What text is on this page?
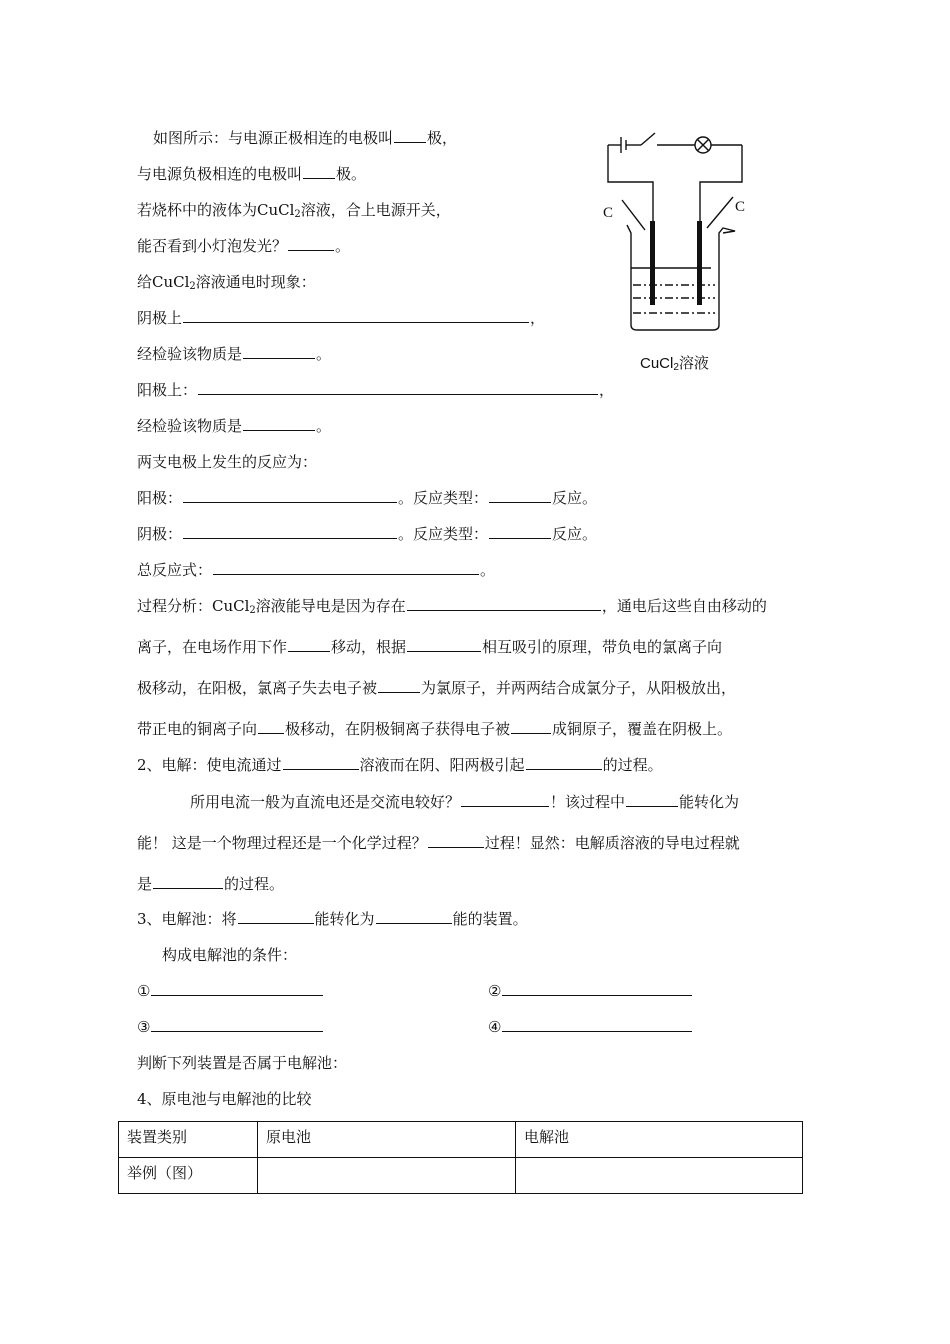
C	C
CuCl$_2$溶液
如图所示：与电源正极相连的电极叫 极，
与电源负极相连的电极叫 极。
若烧杯中的液体为CuCl$_2$溶液，合上电源开关，
能否看到小灯泡发光？	。
给CuCl$_2$溶液通电时现象：
阴极上	，
经检验该物质是	。
阳极上：	，
经检验该物质是	。
两支电极上发生的反应为：
阳极：	。反应类型：	反应。
阴极：	。反应类型：	反应。
总反应式：	。
过程分析：CuCl$_2$溶液能导电是因为存在	，通电后这些自由移动的
离子，在电场作用下作	移动，根据	相互吸引的原理，带负电的氯离子向
极移动，在阳极，氯离子失去电子被	为氯原子，并两两结合成氯分子，从阳极放出，
带正电的铜离子向 极移动，在阴极铜离子获得电子被	成铜原子，覆盖在阴极上。
2、电解：使电流通过	溶液而在阴、阳两极引起	的过程。
所用电流一般为直流电还是交流电较好？	！该过程中	能转化为
能！ 这是一个物理过程还是一个化学过程？	过程！显然：电解质溶液的导电过程就
是	的过程。
3、电解池：将	能转化为	能的装置。
构成电解池的条件：
①	②
③	④
判断下列装置是否属于电解池：
4、原电池与电解池的比较
装置类别	原电池	电解池
举例（图）		
